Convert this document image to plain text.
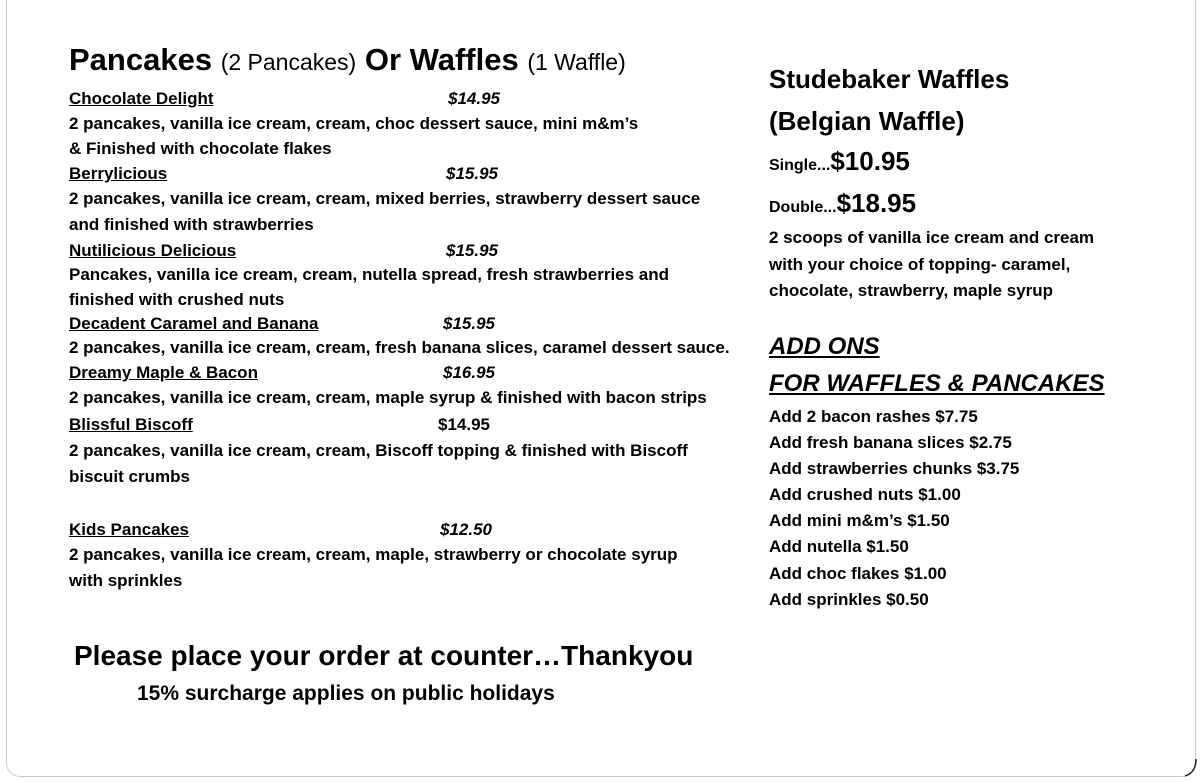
Pancakes (2 Pancakes) Or Waffles (1 Waffle)
Chocolate Delight	$14.95
2 pancakes, vanilla ice cream, cream, choc dessert sauce, mini m&m’s
& Finished with chocolate flakes
Berrylicious	$15.95
2 pancakes, vanilla ice cream, cream, mixed berries, strawberry dessert sauce
and finished with strawberries
Nutilicious Delicious	$15.95
Pancakes, vanilla ice cream, cream, nutella spread, fresh strawberries and
finished with crushed nuts
Decadent Caramel and Banana	$15.95
2 pancakes, vanilla ice cream, cream, fresh banana slices, caramel dessert sauce.
Dreamy Maple & Bacon	$16.95
2 pancakes, vanilla ice cream, cream, maple syrup & finished with bacon strips
Blissful Biscoff	$14.95
2 pancakes, vanilla ice cream, cream, Biscoff topping & finished with Biscoff
biscuit crumbs
Kids Pancakes	$12.50
2 pancakes, vanilla ice cream, cream, maple, strawberry or chocolate syrup
with sprinkles
Studebaker Waffles
(Belgian Waffle)
Single...$10.95
Double...$18.95
2 scoops of vanilla ice cream and cream
with your choice of topping- caramel,
chocolate, strawberry, maple syrup
ADD ONS
FOR WAFFLES & PANCAKES
Add 2 bacon rashes $7.75
Add fresh banana slices $2.75
Add strawberries chunks $3.75
Add crushed nuts $1.00
Add mini m&m’s $1.50
Add nutella $1.50
Add choc flakes $1.00
Add sprinkles $0.50
Please place your order at counter…Thankyou
15% surcharge applies on public holidays
